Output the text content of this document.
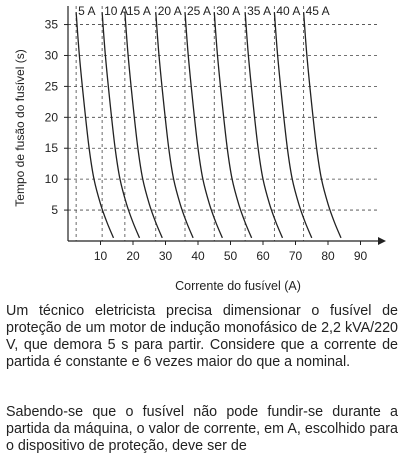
5
10
15
20
25
30
35
10 20 30 40 50 60 70 80 90
5 A 10 A
15 A 20 A 25 A 30 A 35 A 40 A 45 A
Corrente do fusível (A)
Tempo de fusão do fusível (s)

Um técnico eletricista precisa dimensionar o fusível de proteção de um motor de indução monofásico de 2,2 kVA/220 V, que demora 5 s para partir. Considere que a corrente de partida é constante e 6 vezes maior do que a nominal.

Sabendo-se que o fusível não pode fundir-se durante a partida da máquina, o valor de corrente, em A, escolhido para o dispositivo de proteção, deve ser de
